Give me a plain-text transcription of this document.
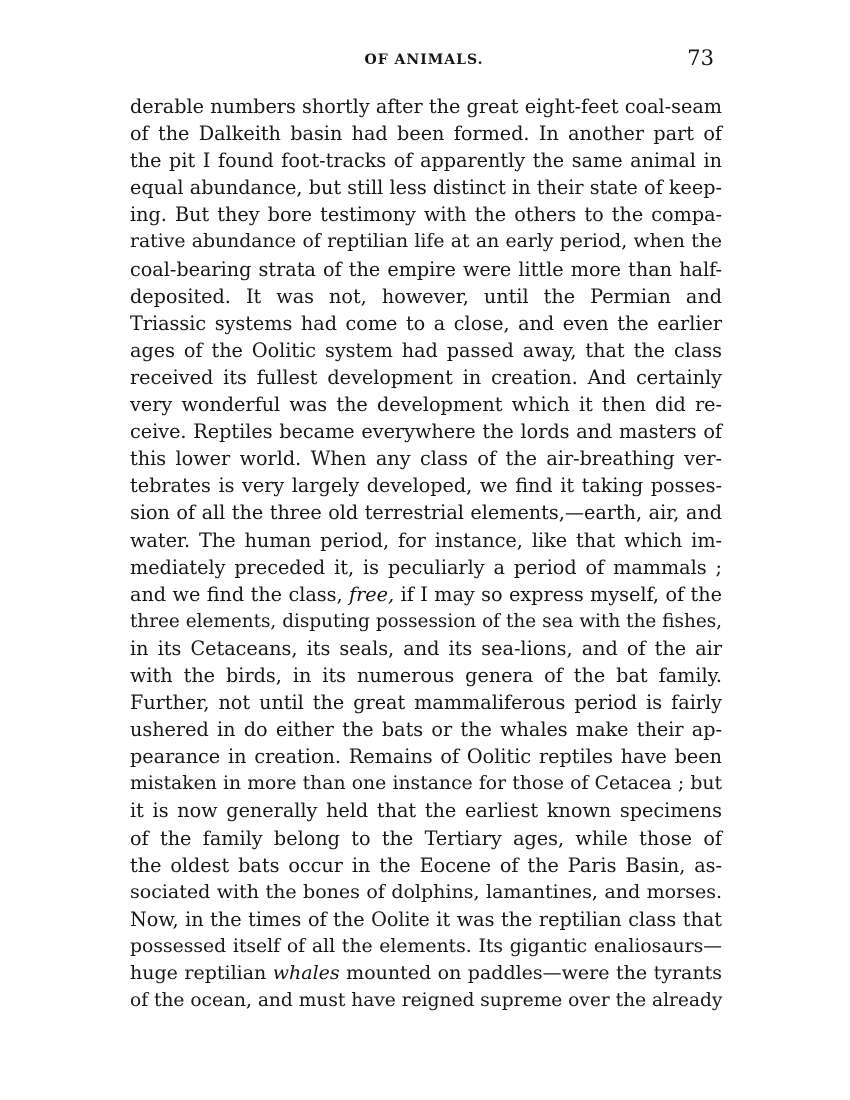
OF ANIMALS.	73
derable numbers shortly after the great eight-feet coal-seam
of the Dalkeith basin had been formed. In another part of
the pit I found foot-tracks of apparently the same animal in
equal abundance, but still less distinct in their state of keep-
ing. But they bore testimony with the others to the compa-
rative abundance of reptilian life at an early period, when the
coal-bearing strata of the empire were little more than half-
deposited. It was not, however, until the Permian and
Triassic systems had come to a close, and even the earlier
ages of the Oolitic system had passed away, that the class
received its fullest development in creation. And certainly
very wonderful was the development which it then did re-
ceive. Reptiles became everywhere the lords and masters of
this lower world. When any class of the air-breathing ver-
tebrates is very largely developed, we find it taking posses-
sion of all the three old terrestrial elements,—earth, air, and
water. The human period, for instance, like that which im-
mediately preceded it, is peculiarly a period of mammals ;
and we find the class, free, if I may so express myself, of the
three elements, disputing possession of the sea with the fishes,
in its Cetaceans, its seals, and its sea-lions, and of the air
with the birds, in its numerous genera of the bat family.
Further, not until the great mammaliferous period is fairly
ushered in do either the bats or the whales make their ap-
pearance in creation. Remains of Oolitic reptiles have been
mistaken in more than one instance for those of Cetacea ; but
it is now generally held that the earliest known specimens
of the family belong to the Tertiary ages, while those of
the oldest bats occur in the Eocene of the Paris Basin, as-
sociated with the bones of dolphins, lamantines, and morses.
Now, in the times of the Oolite it was the reptilian class that
possessed itself of all the elements. Its gigantic enaliosaurs—
huge reptilian whales mounted on paddles—were the tyrants
of the ocean, and must have reigned supreme over the already
